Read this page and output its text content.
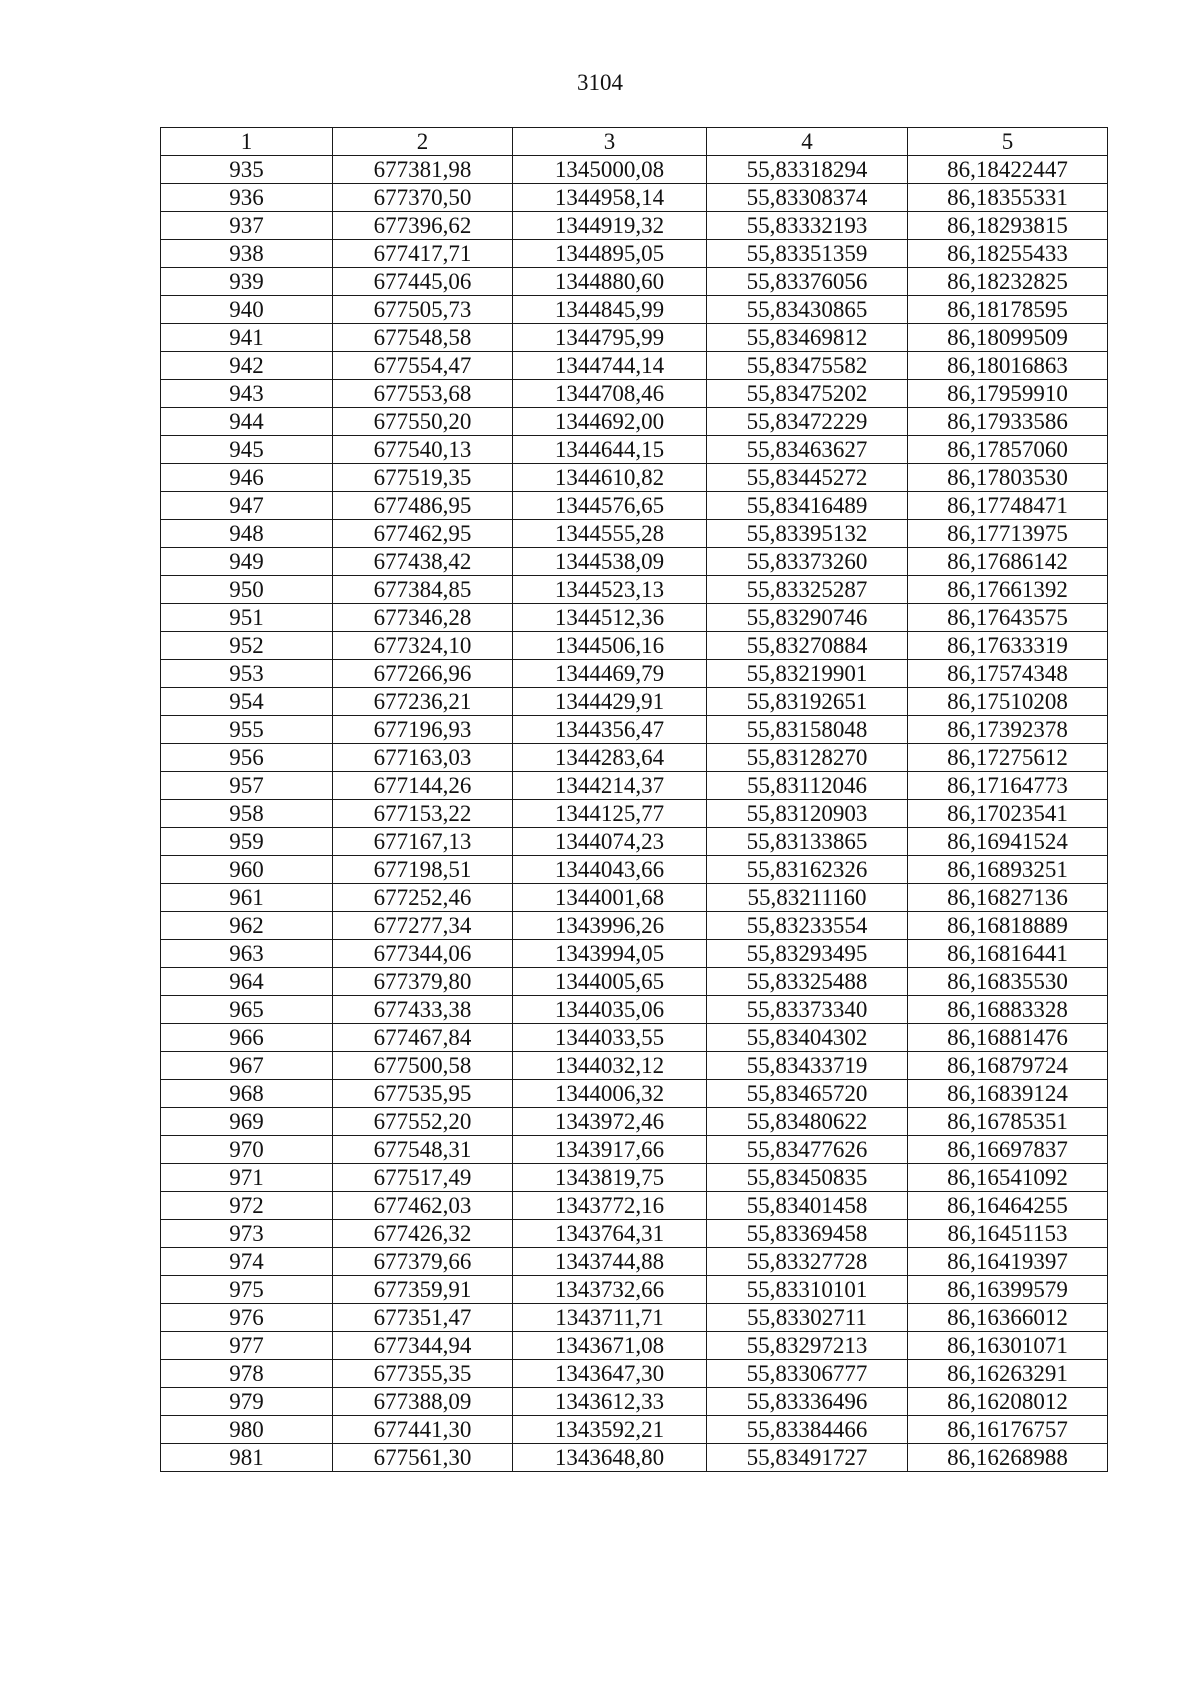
3104
1	2	3	4	5
935	677381,98	1345000,08	55,83318294	86,18422447
936	677370,50	1344958,14	55,83308374	86,18355331
937	677396,62	1344919,32	55,83332193	86,18293815
938	677417,71	1344895,05	55,83351359	86,18255433
939	677445,06	1344880,60	55,83376056	86,18232825
940	677505,73	1344845,99	55,83430865	86,18178595
941	677548,58	1344795,99	55,83469812	86,18099509
942	677554,47	1344744,14	55,83475582	86,18016863
943	677553,68	1344708,46	55,83475202	86,17959910
944	677550,20	1344692,00	55,83472229	86,17933586
945	677540,13	1344644,15	55,83463627	86,17857060
946	677519,35	1344610,82	55,83445272	86,17803530
947	677486,95	1344576,65	55,83416489	86,17748471
948	677462,95	1344555,28	55,83395132	86,17713975
949	677438,42	1344538,09	55,83373260	86,17686142
950	677384,85	1344523,13	55,83325287	86,17661392
951	677346,28	1344512,36	55,83290746	86,17643575
952	677324,10	1344506,16	55,83270884	86,17633319
953	677266,96	1344469,79	55,83219901	86,17574348
954	677236,21	1344429,91	55,83192651	86,17510208
955	677196,93	1344356,47	55,83158048	86,17392378
956	677163,03	1344283,64	55,83128270	86,17275612
957	677144,26	1344214,37	55,83112046	86,17164773
958	677153,22	1344125,77	55,83120903	86,17023541
959	677167,13	1344074,23	55,83133865	86,16941524
960	677198,51	1344043,66	55,83162326	86,16893251
961	677252,46	1344001,68	55,83211160	86,16827136
962	677277,34	1343996,26	55,83233554	86,16818889
963	677344,06	1343994,05	55,83293495	86,16816441
964	677379,80	1344005,65	55,83325488	86,16835530
965	677433,38	1344035,06	55,83373340	86,16883328
966	677467,84	1344033,55	55,83404302	86,16881476
967	677500,58	1344032,12	55,83433719	86,16879724
968	677535,95	1344006,32	55,83465720	86,16839124
969	677552,20	1343972,46	55,83480622	86,16785351
970	677548,31	1343917,66	55,83477626	86,16697837
971	677517,49	1343819,75	55,83450835	86,16541092
972	677462,03	1343772,16	55,83401458	86,16464255
973	677426,32	1343764,31	55,83369458	86,16451153
974	677379,66	1343744,88	55,83327728	86,16419397
975	677359,91	1343732,66	55,83310101	86,16399579
976	677351,47	1343711,71	55,83302711	86,16366012
977	677344,94	1343671,08	55,83297213	86,16301071
978	677355,35	1343647,30	55,83306777	86,16263291
979	677388,09	1343612,33	55,83336496	86,16208012
980	677441,30	1343592,21	55,83384466	86,16176757
981	677561,30	1343648,80	55,83491727	86,16268988
